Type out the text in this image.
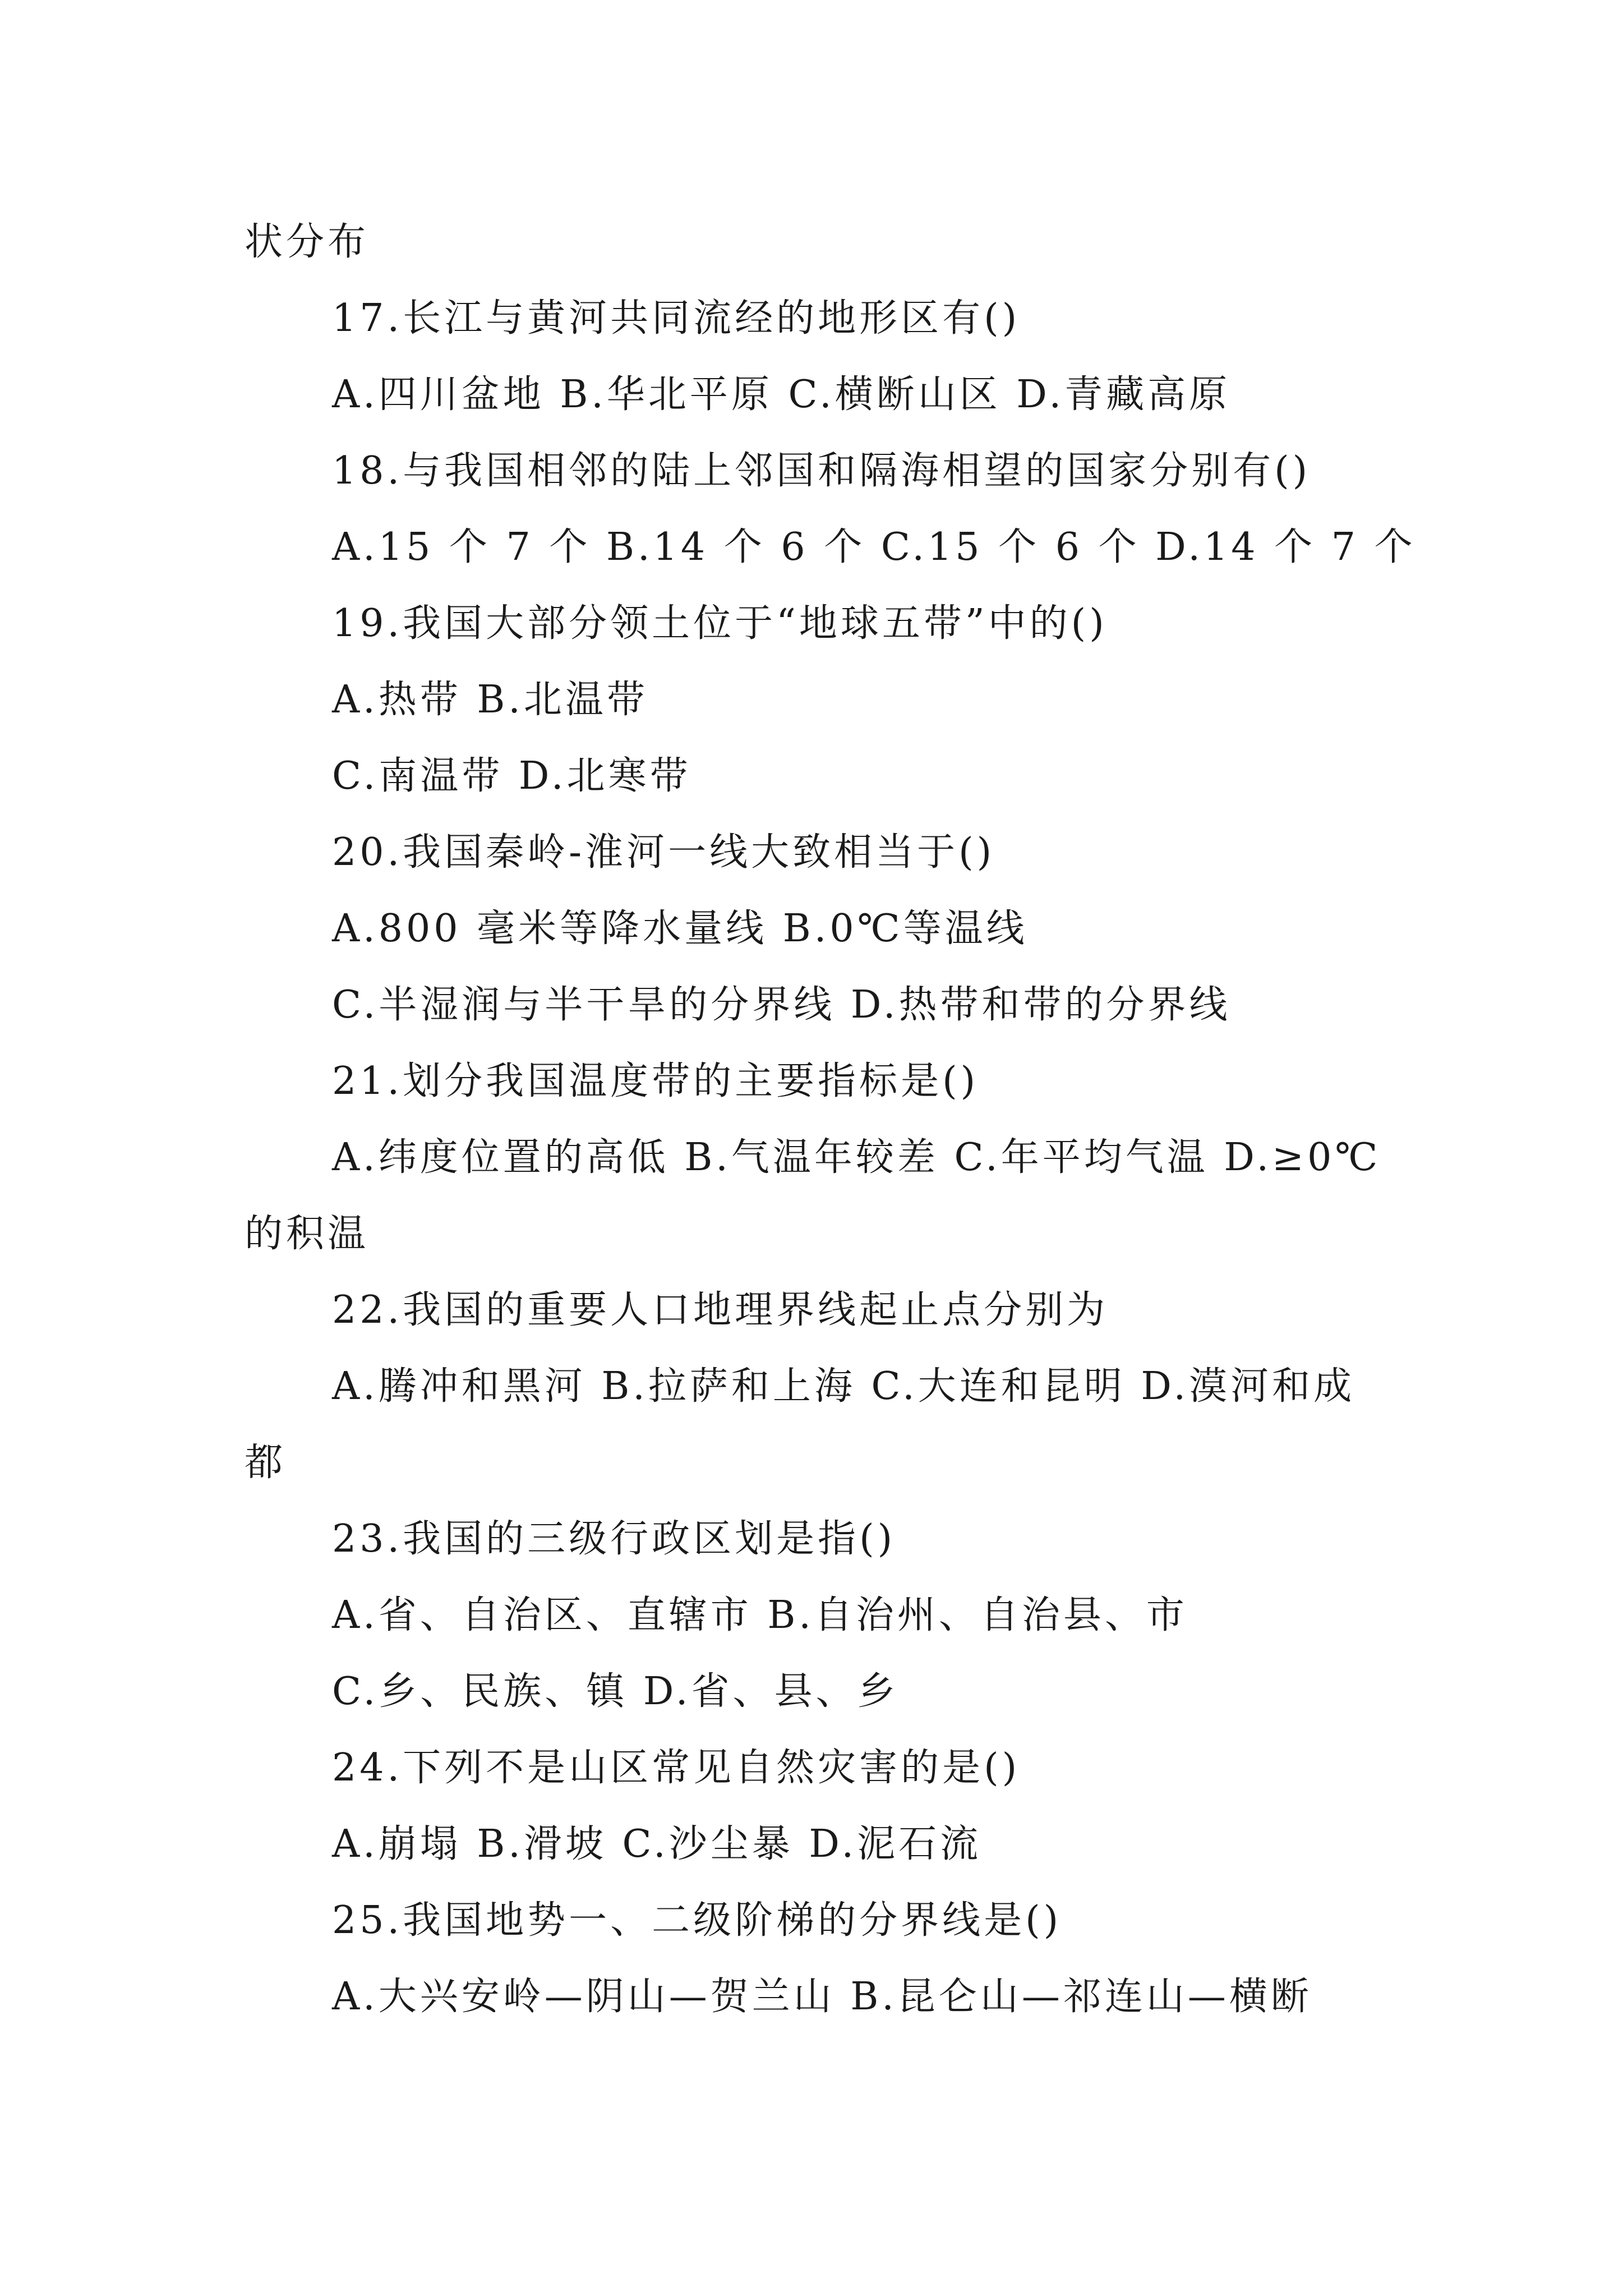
状分布
17.长江与黄河共同流经的地形区有()
A.四川盆地 B.华北平原 C.横断山区 D.青藏高原
18.与我国相邻的陆上邻国和隔海相望的国家分别有()
A.15 个 7 个 B.14 个 6 个 C.15 个 6 个 D.14 个 7 个
19.我国大部分领土位于“地球五带”中的()
A.热带 B.北温带
C.南温带 D.北寒带
20.我国秦岭-淮河一线大致相当于()
A.800 毫米等降水量线 B.0℃等温线
C.半湿润与半干旱的分界线 D.热带和带的分界线
21.划分我国温度带的主要指标是()
A.纬度位置的高低 B.气温年较差 C.年平均气温 D.≥0℃
的积温
22.我国的重要人口地理界线起止点分别为
A.腾冲和黑河 B.拉萨和上海 C.大连和昆明 D.漠河和成
都
23.我国的三级行政区划是指()
A.省、自治区、直辖市 B.自治州、自治县、市
C.乡、民族、镇 D.省、县、乡
24.下列不是山区常见自然灾害的是()
A.崩塌 B.滑坡 C.沙尘暴 D.泥石流
25.我国地势一、二级阶梯的分界线是()
A.大兴安岭—阴山—贺兰山 B.昆仑山—祁连山—横断
